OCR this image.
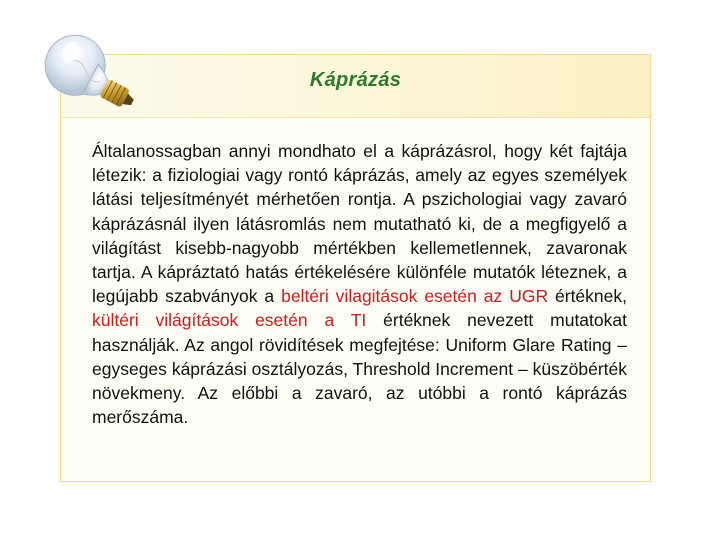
Káprázás

Általanossagban annyi mondhato el a káprázásrol, hogy két fajtája létezik: a fiziologiai vagy rontó káprázás, amely az egyes személyek látási teljesítményét mérhetően rontja. A pszichologiai vagy zavaró káprázásnál ilyen látásromlás nem mutatható ki, de a megfigyelő a világítást kisebb-nagyobb mértékben kellemetlennek, zavaronak tartja. A kápráztató hatás értékelésére különféle mutatók léteznek, a legújabb szabványok a beltéri vilagitások esetén az UGR értéknek, kültéri világítások esetén a TI értéknek nevezett mutatokat használják. Az angol rövidítések megfejtése: Uniform Glare Rating – egyseges káprázási osztályozás, Threshold Increment – küszöbérték növekmeny. Az előbbi a zavaró, az utóbbi a rontó káprázás merőszáma.
